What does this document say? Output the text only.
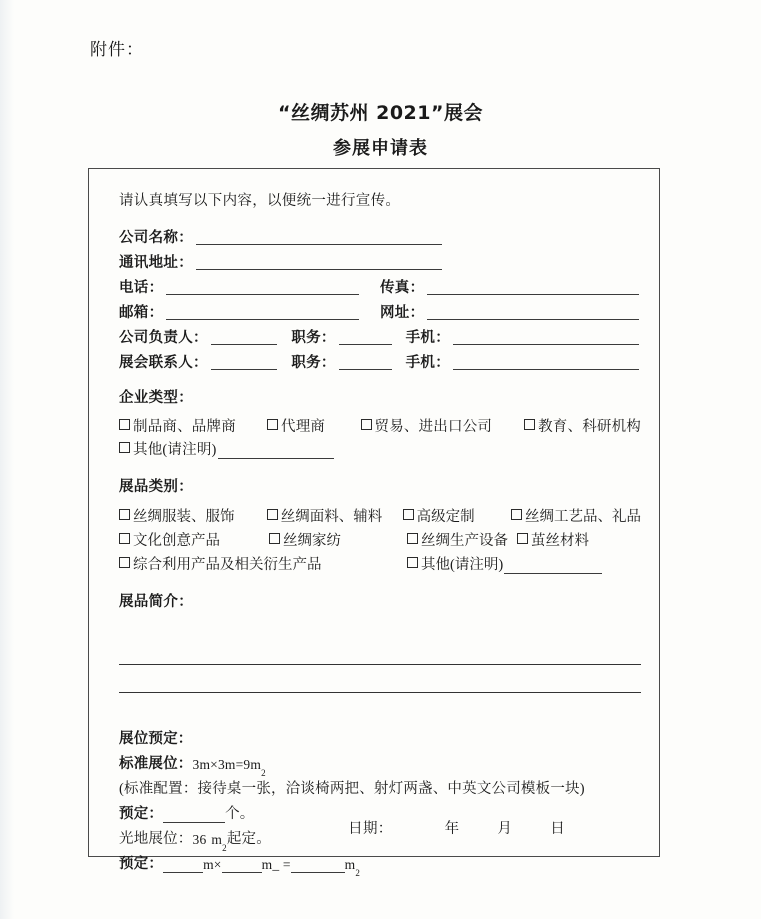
附件：
“丝绸苏州 2021”展会
参展申请表
请认真填写以下内容，以便统一进行宣传。
公司名称：
通讯地址：
电话：	传真：
邮箱：	网址：
公司负责人：	职务：	手机：
展会联系人：	职务：	手机：
企业类型：
制品商、品牌商	代理商	贸易、进出口公司	教育、科研机构
其他(请注明)
展品类别：
丝绸服装、服饰	丝绸面料、辅料 高级定制	丝绸工艺品、礼品
文化创意产品	丝绸家纺	丝绸生产设备 茧丝材料
综合利用产品及相关衍生产品	其他(请注明)
展品简介：
展位预定：
标准展位： 3m×3m=9m
2
(标准配置：接待桌一张，洽谈椅两把、射灯两盏、中英文公司模板一块)
预定：	个。
光地展位： 36 m
2
起定。
预定：	m×	m_ =	m
2
日期：	年	月	日
